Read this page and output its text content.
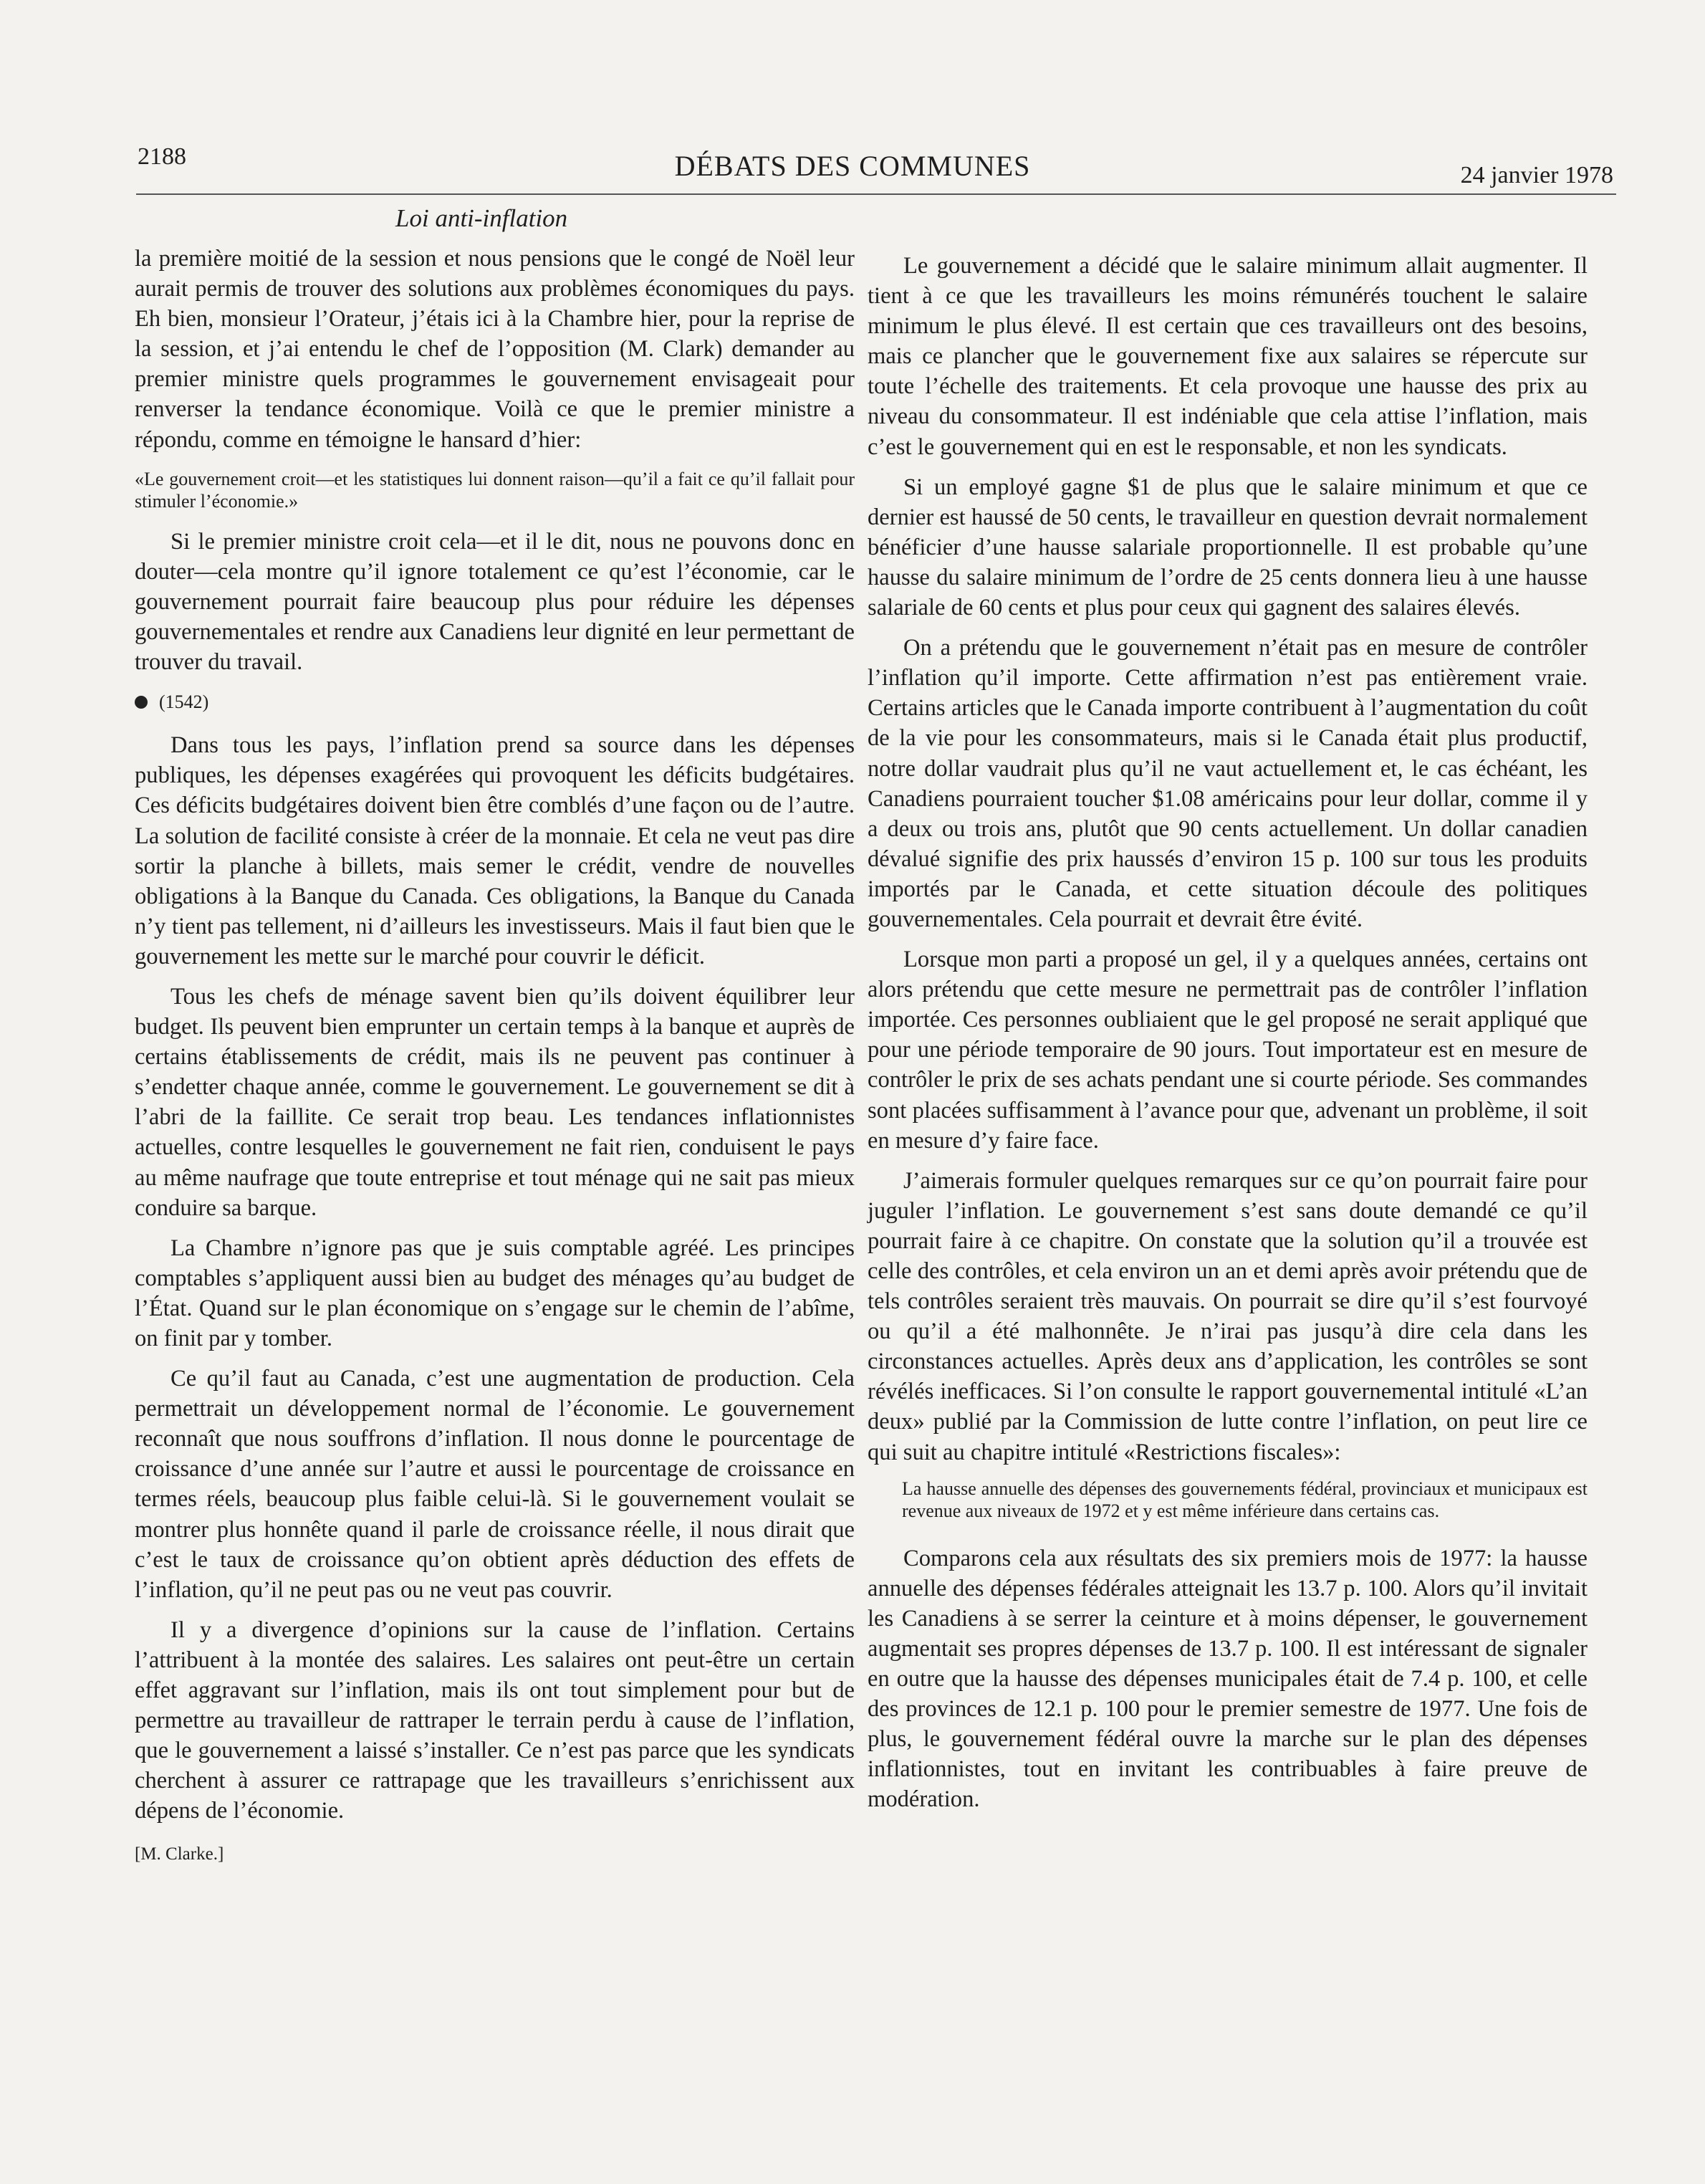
2188	DÉBATS DES COMMUNES	24 janvier 1978
Loi anti-inflation

la première moitié de la session et nous pensions que le congé de Noël leur aurait permis de trouver des solutions aux problèmes économiques du pays. Eh bien, monsieur l’Orateur, j’étais ici à la Chambre hier, pour la reprise de la session, et j’ai entendu le chef de l’opposition (M. Clark) demander au premier ministre quels programmes le gouvernement envisageait pour renverser la tendance économique. Voilà ce que le premier ministre a répondu, comme en témoigne le hansard d’hier:

«Le gouvernement croit—et les statistiques lui donnent raison—qu’il a fait ce qu’il fallait pour stimuler l’économie.»

Si le premier ministre croit cela—et il le dit, nous ne pouvons donc en douter—cela montre qu’il ignore totalement ce qu’est l’économie, car le gouvernement pourrait faire beaucoup plus pour réduire les dépenses gouvernementales et rendre aux Canadiens leur dignité en leur permettant de trouver du travail.

(1542)

Dans tous les pays, l’inflation prend sa source dans les dépenses publiques, les dépenses exagérées qui provoquent les déficits budgétaires. Ces déficits budgétaires doivent bien être comblés d’une façon ou de l’autre. La solution de facilité consiste à créer de la monnaie. Et cela ne veut pas dire sortir la planche à billets, mais semer le crédit, vendre de nouvelles obligations à la Banque du Canada. Ces obligations, la Banque du Canada n’y tient pas tellement, ni d’ailleurs les investisseurs. Mais il faut bien que le gouvernement les mette sur le marché pour couvrir le déficit.

Tous les chefs de ménage savent bien qu’ils doivent équilibrer leur budget. Ils peuvent bien emprunter un certain temps à la banque et auprès de certains établissements de crédit, mais ils ne peuvent pas continuer à s’endetter chaque année, comme le gouvernement. Le gouvernement se dit à l’abri de la faillite. Ce serait trop beau. Les tendances inflationnistes actuelles, contre lesquelles le gouvernement ne fait rien, conduisent le pays au même naufrage que toute entreprise et tout ménage qui ne sait pas mieux conduire sa barque.

La Chambre n’ignore pas que je suis comptable agréé. Les principes comptables s’appliquent aussi bien au budget des ménages qu’au budget de l’État. Quand sur le plan économique on s’engage sur le chemin de l’abîme, on finit par y tomber.

Ce qu’il faut au Canada, c’est une augmentation de production. Cela permettrait un développement normal de l’économie. Le gouvernement reconnaît que nous souffrons d’inflation. Il nous donne le pourcentage de croissance d’une année sur l’autre et aussi le pourcentage de croissance en termes réels, beaucoup plus faible celui-là. Si le gouvernement voulait se montrer plus honnête quand il parle de croissance réelle, il nous dirait que c’est le taux de croissance qu’on obtient après déduction des effets de l’inflation, qu’il ne peut pas ou ne veut pas couvrir.

Il y a divergence d’opinions sur la cause de l’inflation. Certains l’attribuent à la montée des salaires. Les salaires ont peut-être un certain effet aggravant sur l’inflation, mais ils ont tout simplement pour but de permettre au travailleur de rattraper le terrain perdu à cause de l’inflation, que le gouvernement a laissé s’installer. Ce n’est pas parce que les syndicats cherchent à assurer ce rattrapage que les travailleurs s’enrichissent aux dépens de l’économie.

[M. Clarke.]

Le gouvernement a décidé que le salaire minimum allait augmenter. Il tient à ce que les travailleurs les moins rémunérés touchent le salaire minimum le plus élevé. Il est certain que ces travailleurs ont des besoins, mais ce plancher que le gouvernement fixe aux salaires se répercute sur toute l’échelle des traitements. Et cela provoque une hausse des prix au niveau du consommateur. Il est indéniable que cela attise l’inflation, mais c’est le gouvernement qui en est le responsable, et non les syndicats.

Si un employé gagne $1 de plus que le salaire minimum et que ce dernier est haussé de 50 cents, le travailleur en question devrait normalement bénéficier d’une hausse salariale proportionnelle. Il est probable qu’une hausse du salaire minimum de l’ordre de 25 cents donnera lieu à une hausse salariale de 60 cents et plus pour ceux qui gagnent des salaires élevés.

On a prétendu que le gouvernement n’était pas en mesure de contrôler l’inflation qu’il importe. Cette affirmation n’est pas entièrement vraie. Certains articles que le Canada importe contribuent à l’augmentation du coût de la vie pour les consommateurs, mais si le Canada était plus productif, notre dollar vaudrait plus qu’il ne vaut actuellement et, le cas échéant, les Canadiens pourraient toucher $1.08 américains pour leur dollar, comme il y a deux ou trois ans, plutôt que 90 cents actuellement. Un dollar canadien dévalué signifie des prix haussés d’environ 15 p. 100 sur tous les produits importés par le Canada, et cette situation découle des politiques gouvernementales. Cela pourrait et devrait être évité.

Lorsque mon parti a proposé un gel, il y a quelques années, certains ont alors prétendu que cette mesure ne permettrait pas de contrôler l’inflation importée. Ces personnes oubliaient que le gel proposé ne serait appliqué que pour une période temporaire de 90 jours. Tout importateur est en mesure de contrôler le prix de ses achats pendant une si courte période. Ses commandes sont placées suffisamment à l’avance pour que, advenant un problème, il soit en mesure d’y faire face.

J’aimerais formuler quelques remarques sur ce qu’on pourrait faire pour juguler l’inflation. Le gouvernement s’est sans doute demandé ce qu’il pourrait faire à ce chapitre. On constate que la solution qu’il a trouvée est celle des contrôles, et cela environ un an et demi après avoir prétendu que de tels contrôles seraient très mauvais. On pourrait se dire qu’il s’est fourvoyé ou qu’il a été malhonnête. Je n’irai pas jusqu’à dire cela dans les circonstances actuelles. Après deux ans d’application, les contrôles se sont révélés inefficaces. Si l’on consulte le rapport gouvernemental intitulé «L’an deux» publié par la Commission de lutte contre l’inflation, on peut lire ce qui suit au chapitre intitulé «Restrictions fiscales»:

La hausse annuelle des dépenses des gouvernements fédéral, provinciaux et municipaux est revenue aux niveaux de 1972 et y est même inférieure dans certains cas.

Comparons cela aux résultats des six premiers mois de 1977: la hausse annuelle des dépenses fédérales atteignait les 13.7 p. 100. Alors qu’il invitait les Canadiens à se serrer la ceinture et à moins dépenser, le gouvernement augmentait ses propres dépenses de 13.7 p. 100. Il est intéressant de signaler en outre que la hausse des dépenses municipales était de 7.4 p. 100, et celle des provinces de 12.1 p. 100 pour le premier semestre de 1977. Une fois de plus, le gouvernement fédéral ouvre la marche sur le plan des dépenses inflationnistes, tout en invitant les contribuables à faire preuve de modération.
